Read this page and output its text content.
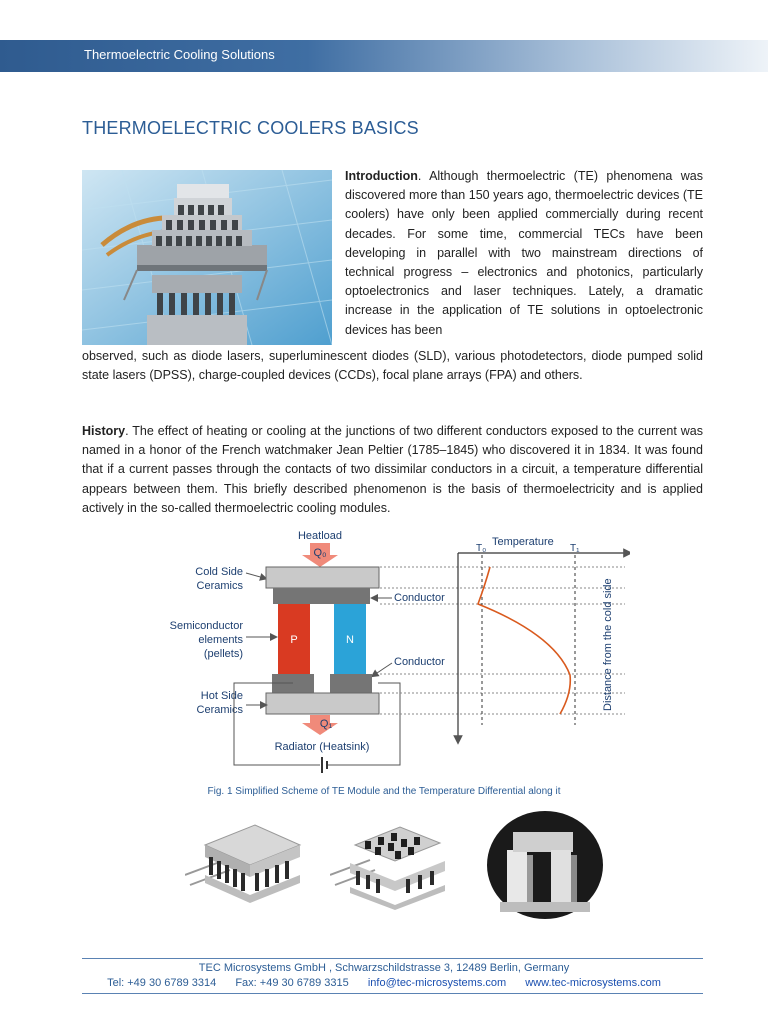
Thermoelectric Cooling Solutions
THERMOELECTRIC COOLERS BASICS

Introduction. Although thermoelectric (TE) phenomena was discovered more than 150 years ago, thermoelectric devices (TE coolers) have only been applied commercially during recent decades. For some time, commercial TECs have been developing in parallel with two mainstream directions of technical progress – electronics and photonics, particularly optoelectronics and laser techniques. Lately, a dramatic increase in the application of TE solutions in optoelectronic devices has been

observed, such as diode lasers, superluminescent diodes (SLD), various photodetectors, diode pumped solid state lasers (DPSS), charge-coupled devices (CCDs), focal plane arrays (FPA) and others.

History. The effect of heating or cooling at the junctions of two different conductors exposed to the current was named in a honor of the French watchmaker Jean Peltier (1785–1845) who discovered it in 1834. It was found that if a current passes through the contacts of two dissimilar conductors in a circuit, a temperature differential appears between them. This briefly described phenomenon is the basis of thermoelectricity and is applied actively in the so-called thermoelectric cooling modules.

Heatload
Q₀
Cold Side
Ceramics
P	N
Conductor
Semiconductor
elements
(pellets)
Conductor
Hot Side
Ceramics
Q₁
Radiator (Heatsink)
T₀
Temperature
T₁
Distance from the cold side
Fig. 1 Simplified Scheme of TE Module and the Temperature Differential along it
TEC Microsystems GmbH , Schwarzschildstrasse 3, 12489 Berlin, Germany
Tel: +49 30 6789 3314 Fax: +49 30 6789 3315 info@tec-microsystems.com www.tec-microsystems.com
